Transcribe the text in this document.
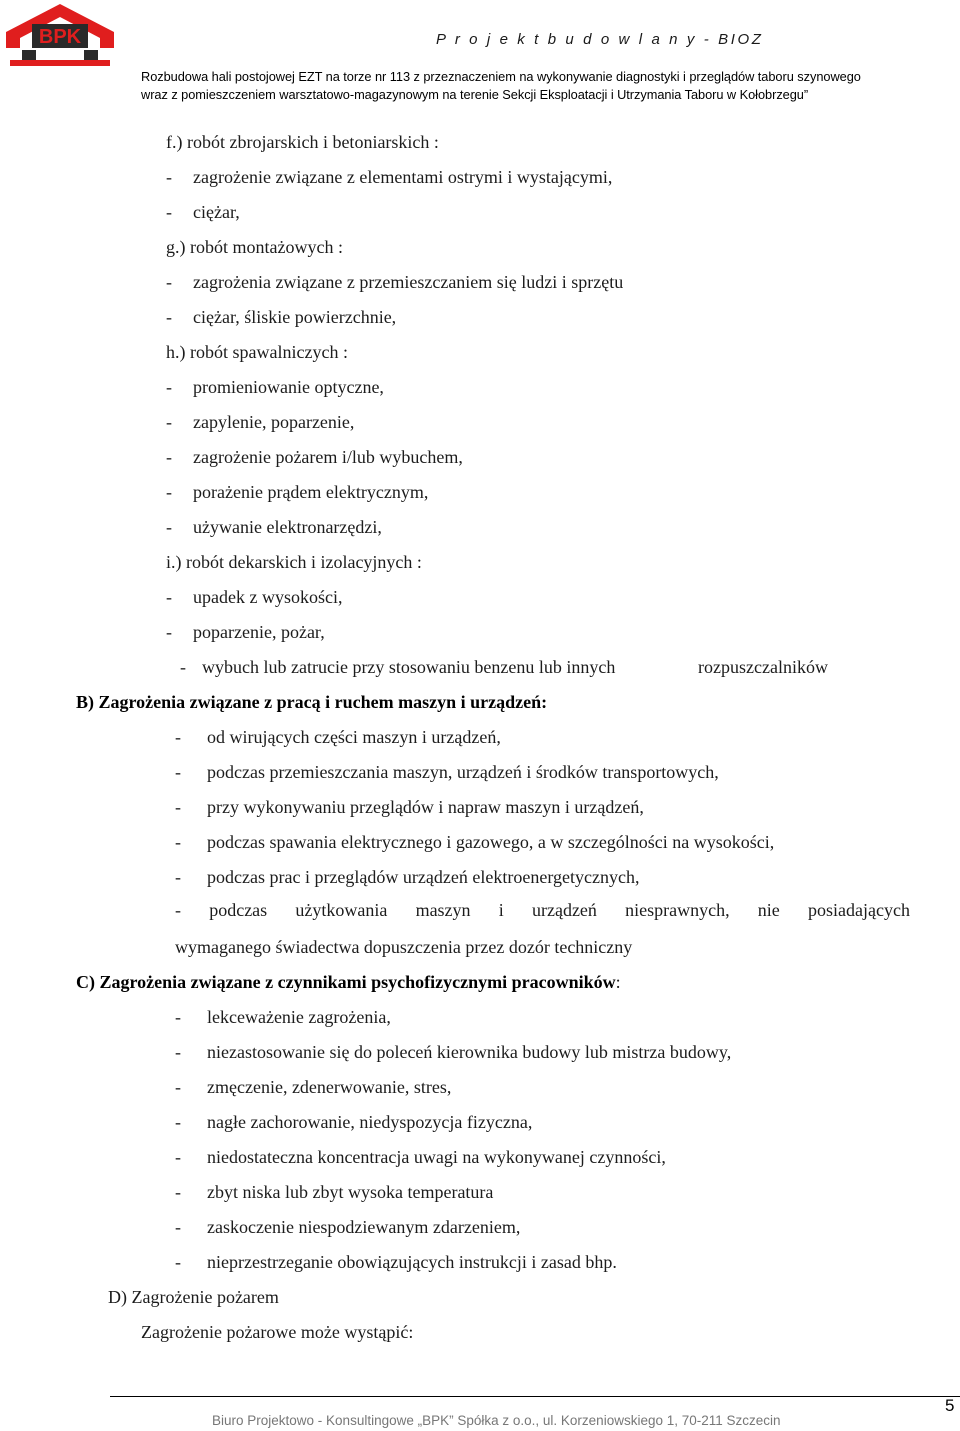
BPK	P r o j e k t b u d o w l a n y - BIOZ
Rozbudowa hali postojowej EZT na torze nr 113 z przeznaczeniem na wykonywanie diagnostyki i przeglądów taboru szynowego
wraz z pomieszczeniem warsztatowo-magazynowym na terenie Sekcji Eksploatacji i Utrzymania Taboru w Kołobrzegu”
f.) robót zbrojarskich i betoniarskich :
- zagrożenie związane z elementami ostrymi i wystającymi,
- ciężar,
g.) robót montażowych :
- zagrożenia związane z przemieszczaniem się ludzi i sprzętu
- ciężar, śliskie powierzchnie,
h.) robót spawalniczych :
- promieniowanie optyczne,
- zapylenie, poparzenie,
- zagrożenie pożarem i/lub wybuchem,
- porażenie prądem elektrycznym,
- używanie elektronarzędzi,
i.) robót dekarskich i izolacyjnych :
- upadek z wysokości,
- poparzenie, pożar,
- wybuch lub zatrucie przy stosowaniu benzenu lub innych	rozpuszczalników
B) Zagrożenia związane z pracą i ruchem maszyn i urządzeń:
- od wirujących części maszyn i urządzeń,
- podczas przemieszczania maszyn, urządzeń i środków transportowych,
- przy wykonywaniu przeglądów i napraw maszyn i urządzeń,
- podczas spawania elektrycznego i gazowego, a w szczególności na wysokości,
- podczas prac i przeglądów urządzeń elektroenergetycznych,
- podczas użytkowania maszyn i urządzeń niesprawnych, nie posiadających
wymaganego świadectwa dopuszczenia przez dozór techniczny
C) Zagrożenia związane z czynnikami psychofizycznymi pracowników:
- lekceważenie zagrożenia,
- niezastosowanie się do poleceń kierownika budowy lub mistrza budowy,
- zmęczenie, zdenerwowanie, stres,
- nagłe zachorowanie, niedyspozycja fizyczna,
- niedostateczna koncentracja uwagi na wykonywanej czynności,
- zbyt niska lub zbyt wysoka temperatura
- zaskoczenie niespodziewanym zdarzeniem,
- nieprzestrzeganie obowiązujących instrukcji i zasad bhp.
D) Zagrożenie pożarem
Zagrożenie pożarowe może wystąpić:
Biuro Projektowo - Konsultingowe „BPK” Spółka z o.o., ul. Korzeniowskiego 1, 70-211 Szczecin
5
